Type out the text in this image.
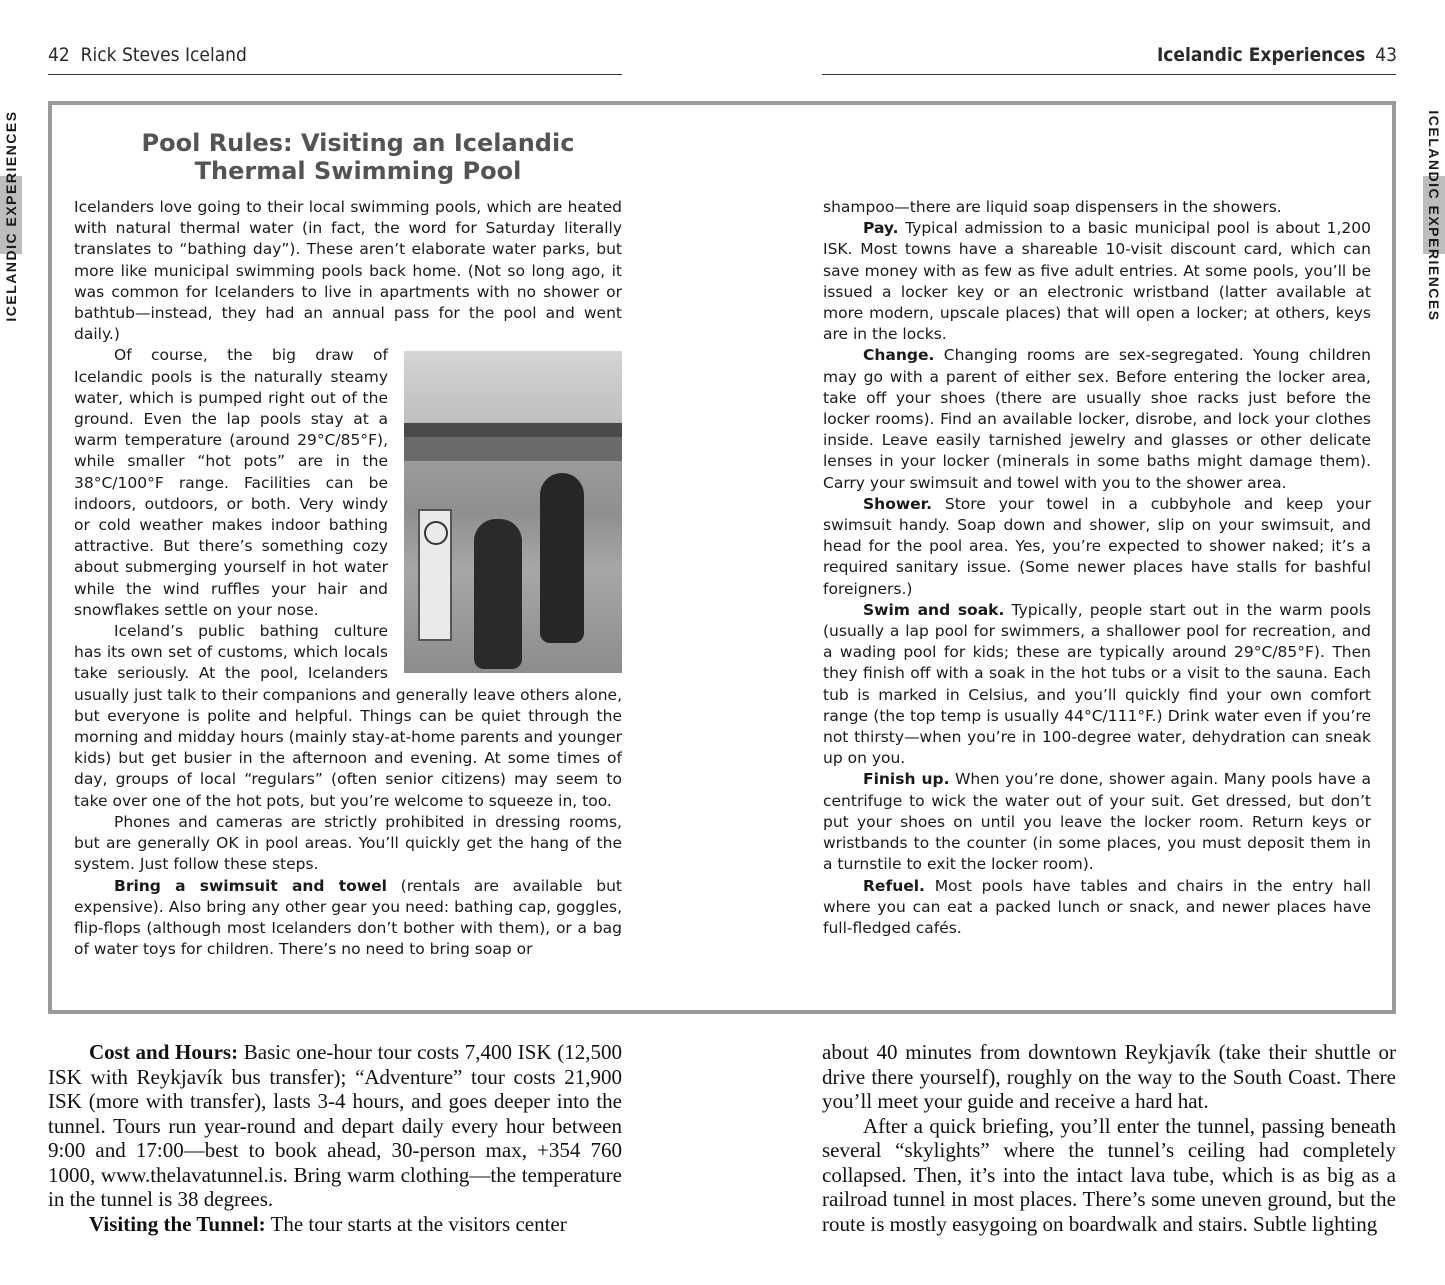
42 Rick Steves Iceland	Icelandic Experiences 43
ICELANDIC EXPERIENCES	ICELANDIC EXPERIENCES
Pool Rules: Visiting an Icelandic
Thermal Swimming Pool

Icelanders love going to their local swimming pools, which are heated with natural thermal water (in fact, the word for Saturday literally translates to “bathing day”). These aren’t elaborate water parks, but more like municipal swimming pools back home. (Not so long ago, it was common for Icelanders to live in apartments with no shower or bathtub—instead, they had an annual pass for the pool and went daily.)

Of course, the big draw of Icelandic pools is the naturally steamy water, which is pumped right out of the ground. Even the lap pools stay at a warm temperature (around 29°C/85°F), while smaller “hot pots” are in the 38°C/100°F range. Facilities can be indoors, outdoors, or both. Very windy or cold weather makes indoor bathing attractive. But there’s something cozy about submerging yourself in hot water while the wind ruffles your hair and snowflakes settle on your nose.

Iceland’s public bathing culture has its own set of customs, which locals take seriously. At the pool, Icelanders usually just talk to their companions and generally leave others alone, but everyone is polite and helpful. Things can be quiet through the morning and midday hours (mainly stay-at-home parents and younger kids) but get busier in the afternoon and evening. At some times of day, groups of local “regulars” (often senior citizens) may seem to take over one of the hot pots, but you’re welcome to squeeze in, too.

Phones and cameras are strictly prohibited in dressing rooms, but are generally OK in pool areas. You’ll quickly get the hang of the system. Just follow these steps.

Bring a swimsuit and towel (rentals are available but expensive). Also bring any other gear you need: bathing cap, goggles, flip-flops (although most Icelanders don’t bother with them), or a bag of water toys for children. There’s no need to bring soap or

shampoo—there are liquid soap dispensers in the showers.

Pay. Typical admission to a basic municipal pool is about 1,200 ISK. Most towns have a shareable 10-visit discount card, which can save money with as few as five adult entries. At some pools, you’ll be issued a locker key or an electronic wristband (latter available at more modern, upscale places) that will open a locker; at others, keys are in the locks.

Change. Changing rooms are sex-segregated. Young children may go with a parent of either sex. Before entering the locker area, take off your shoes (there are usually shoe racks just before the locker rooms). Find an available locker, disrobe, and lock your clothes inside. Leave easily tarnished jewelry and glasses or other delicate lenses in your locker (minerals in some baths might damage them). Carry your swimsuit and towel with you to the shower area.

Shower. Store your towel in a cubbyhole and keep your swimsuit handy. Soap down and shower, slip on your swimsuit, and head for the pool area. Yes, you’re expected to shower naked; it’s a required sanitary issue. (Some newer places have stalls for bashful foreigners.)

Swim and soak. Typically, people start out in the warm pools (usually a lap pool for swimmers, a shallower pool for recreation, and a wading pool for kids; these are typically around 29°C/85°F). Then they finish off with a soak in the hot tubs or a visit to the sauna. Each tub is marked in Celsius, and you’ll quickly find your own comfort range (the top temp is usually 44°C/111°F.) Drink water even if you’re not thirsty—when you’re in 100-degree water, dehydration can sneak up on you.

Finish up. When you’re done, shower again. Many pools have a centrifuge to wick the water out of your suit. Get dressed, but don’t put your shoes on until you leave the locker room. Return keys or wristbands to the counter (in some places, you must deposit them in a turnstile to exit the locker room).

Refuel. Most pools have tables and chairs in the entry hall where you can eat a packed lunch or snack, and newer places have full-fledged cafés.

Cost and Hours: Basic one-hour tour costs 7,400 ISK (12,500 ISK with Reykjavík bus transfer); “Adventure” tour costs 21,900 ISK (more with transfer), lasts 3-4 hours, and goes deeper into the tunnel. Tours run year-round and depart daily every hour between 9:00 and 17:00—best to book ahead, 30-person max, +354 760 1000, www.thelavatunnel.is. Bring warm clothing—the temperature in the tunnel is 38 degrees.

Visiting the Tunnel: The tour starts at the visitors center

about 40 minutes from downtown Reykjavík (take their shuttle or drive there yourself), roughly on the way to the South Coast. There you’ll meet your guide and receive a hard hat.

After a quick briefing, you’ll enter the tunnel, passing beneath several “skylights” where the tunnel’s ceiling had completely collapsed. Then, it’s into the intact lava tube, which is as big as a railroad tunnel in most places. There’s some uneven ground, but the route is mostly easygoing on boardwalk and stairs. Subtle lighting
